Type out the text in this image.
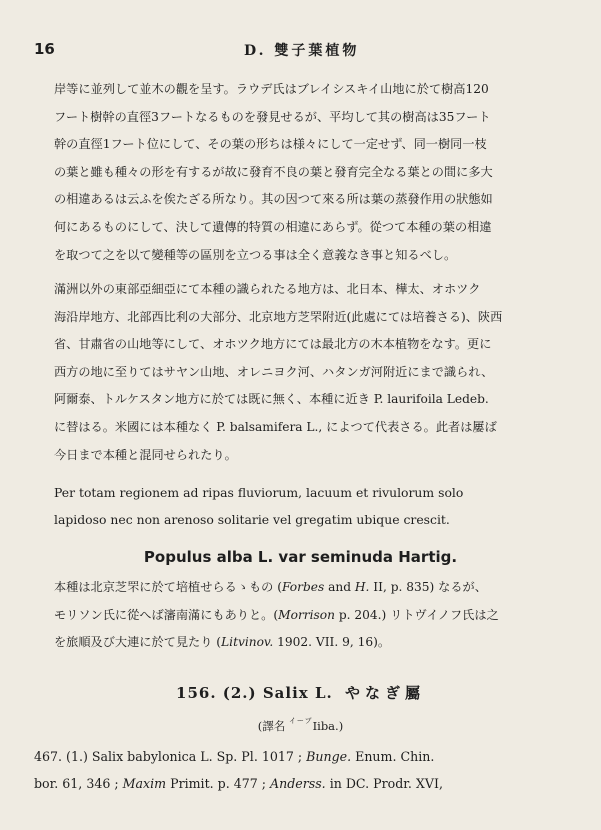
16	D. 雙子葉植物
岸等に並列して並木の觀を呈す。ラウデ氏はブレイシスキイ山地に於て樹高120
フート樹幹の直徑3フートなるものを發見せるが、平均して其の樹高は35フート
幹の直徑1フート位にして、その葉の形ちは様々にして一定せず、同一樹同一枝
の葉と雖も種々の形を有するが故に發育不良の葉と發育完全なる葉との間に多大
の相違あるは云ふを俟たざる所なり。其の因つて來る所は葉の蒸發作用の狀態如
何にあるものにして、決して遺傳的特質の相違にあらず。從つて本種の葉の相違
を取つて之を以て變種等の區別を立つる事は全く意義なき事と知るべし。
滿洲以外の東部亞細亞にて本種の識られたる地方は、北日本、樺太、オホツク
海沿岸地方、北部西比利の大部分、北京地方芝罘附近(此處にては培養さる)、陝西
省、甘肅省の山地等にして、オホツク地方にては最北方の木本植物をなす。更に
西方の地に至りてはサヤン山地、オレニヨク河、ハタンガ河附近にまで識られ、
阿爾泰、トルケスタン地方に於ては既に無く、本種に近き P. laurifoila Ledeb.
に替はる。米國には本種なく P. balsamifera L., によつて代表さる。此者は屢ば
今日まで本種と混同せられたり。
Per totam regionem ad ripas fluviorum, lacuum et rivulorum solo
lapidoso nec non arenoso solitarie vel gregatim ubique crescit.
Populus alba L. var seminuda Hartig.
本種は北京芝罘に於て培植せらるゝもの (Forbes and H. II, p. 835) なるが、
モリソン氏に從へば瀋南滿にもありと。(Morrison p. 204.) リトヴイノフ氏は之
を旅順及び大連に於て見たり (Litvinov. 1902. VII. 9, 16)。
156. (2.) Salix L. やなぎ屬
(譯名 $^{イーブ}$Iiba.)
467. (1.) Salix babylonica L. Sp. Pl. 1017 ; Bunge. Enum. Chin.
bor. 61, 346 ; Maxim Primit. p. 477 ; Anderss. in DC. Prodr. XVI,
